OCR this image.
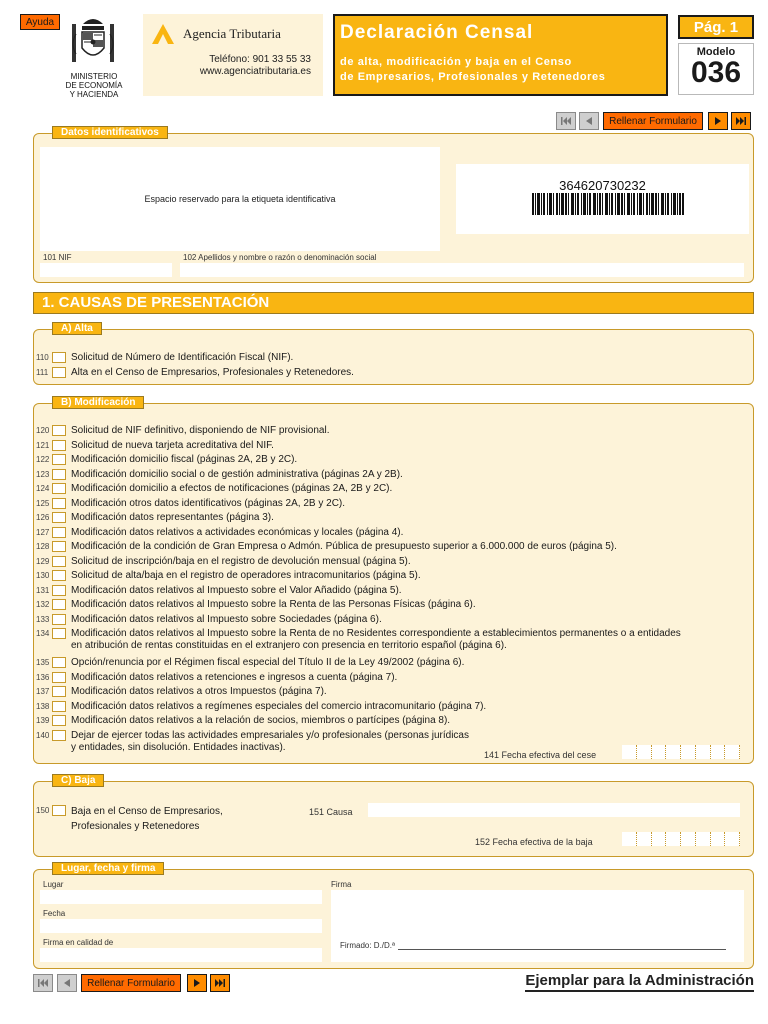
Ayuda
MINISTERIO
DE ECONOMÍA
Y HACIENDA
Agencia Tributaria
Teléfono: 901 33 55 33
www.agenciatributaria.es
Declaración Censal
de alta, modificación y baja en el Censo
de Empresarios, Profesionales y Retenedores
Pág. 1
Modelo
036
Rellenar Formulario
Datos identificativos
Espacio reservado para la etiqueta identificativa
364620730232
101 NIF	102 Apellidos y nombre o razón o denominación social
1. CAUSAS DE PRESENTACIÓN
A) Alta
110	Solicitud de Número de Identificación Fiscal (NIF).
111	Alta en el Censo de Empresarios, Profesionales y Retenedores.
B) Modificación
120 Solicitud de NIF definitivo, disponiendo de NIF provisional.
121 Solicitud de nueva tarjeta acreditativa del NIF.
122 Modificación domicilio fiscal (páginas 2A, 2B y 2C).
123 Modificación domicilio social o de gestión administrativa (páginas 2A y 2B).
124 Modificación domicilio a efectos de notificaciones (páginas 2A, 2B y 2C).
125 Modificación otros datos identificativos (páginas 2A, 2B y 2C).
126 Modificación datos representantes (página 3).
127 Modificación datos relativos a actividades económicas y locales (página 4).
128 Modificación de la condición de Gran Empresa o Admón. Pública de presupuesto superior a 6.000.000 de euros (página 5).
129 Solicitud de inscripción/baja en el registro de devolución mensual (página 5).
130 Solicitud de alta/baja en el registro de operadores intracomunitarios (página 5).
131 Modificación datos relativos al Impuesto sobre el Valor Añadido (página 5).
132 Modificación datos relativos al Impuesto sobre la Renta de las Personas Físicas (página 6).
133 Modificación datos relativos al Impuesto sobre Sociedades (página 6).
134 Modificación datos relativos al Impuesto sobre la Renta de no Residentes correspondiente a establecimientos permanentes o a entidades
en atribución de rentas constituidas en el extranjero con presencia en territorio español (página 6).
135 Opción/renuncia por el Régimen fiscal especial del Título II de la Ley 49/2002 (página 6).
136 Modificación datos relativos a retenciones e ingresos a cuenta (página 7).
137 Modificación datos relativos a otros Impuestos (página 7).
138 Modificación datos relativos a regímenes especiales del comercio intracomunitario (página 7).
139 Modificación datos relativos a la relación de socios, miembros o partícipes (página 8).
140 Dejar de ejercer todas las actividades empresariales y/o profesionales (personas jurídicas
y entidades, sin disolución. Entidades inactivas).
141 Fecha efectiva del cese
C) Baja
150 Baja en el Censo de Empresarios,
Profesionales y Retenedores
151 Causa
152 Fecha efectiva de la baja
Lugar, fecha y firma
Lugar
Fecha
Firma en calidad de
Firma
Firmado: D./D.ª
Rellenar Formulario	Ejemplar para la Administración
